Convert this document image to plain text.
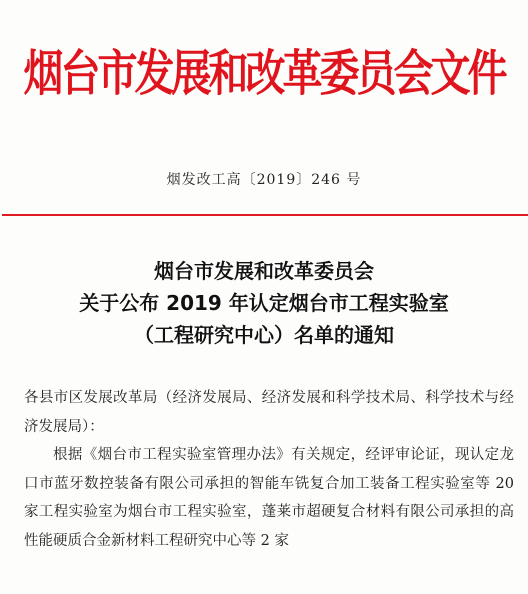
烟台市发展和改革委员会文件
烟发改工高〔2019〕246 号
烟台市发展和改革委员会
关于公布 2019 年认定烟台市工程实验室
（工程研究中心）名单的通知

各县市区发展改革局（经济发展局、经济发展和科学技术局、科学技术与经济发展局）：

根据《烟台市工程实验室管理办法》有关规定，经评审论证，现认定龙口市蓝牙数控装备有限公司承担的智能车铣复合加工装备工程实验室等 20 家工程实验室为烟台市工程实验室，蓬莱市超硬复合材料有限公司承担的高性能硬质合金新材料工程研究中心等 2 家
